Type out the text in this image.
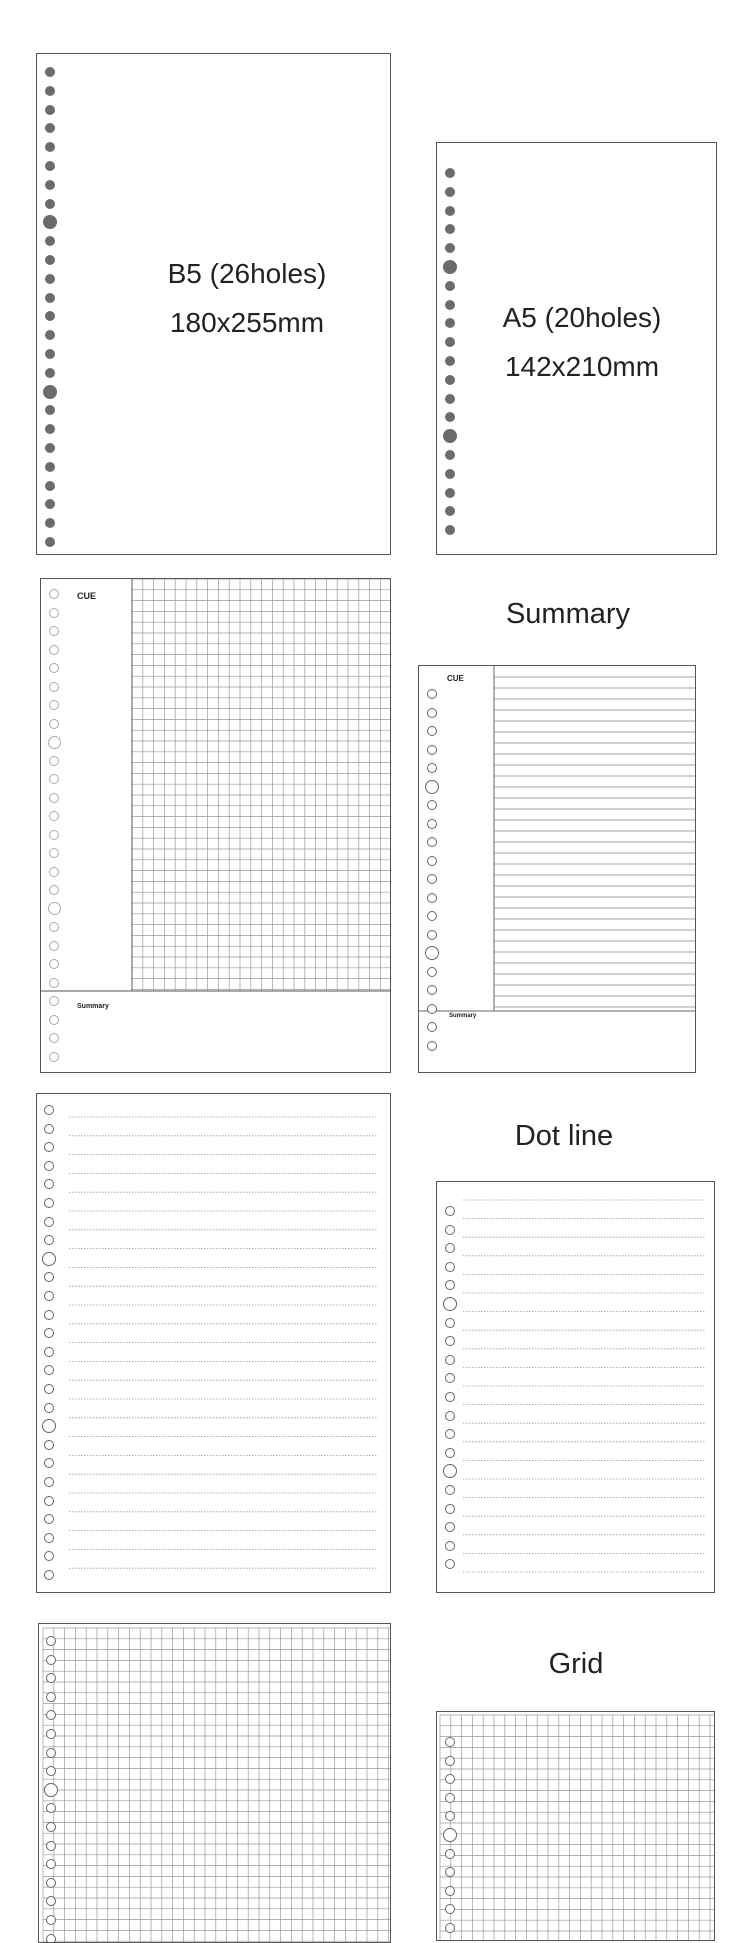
B5 (26holes)
180x255mm	A5 (20holes)
142x210mm
CUE
Summary
Summary
CUE
Summary
Dot line
Grid
